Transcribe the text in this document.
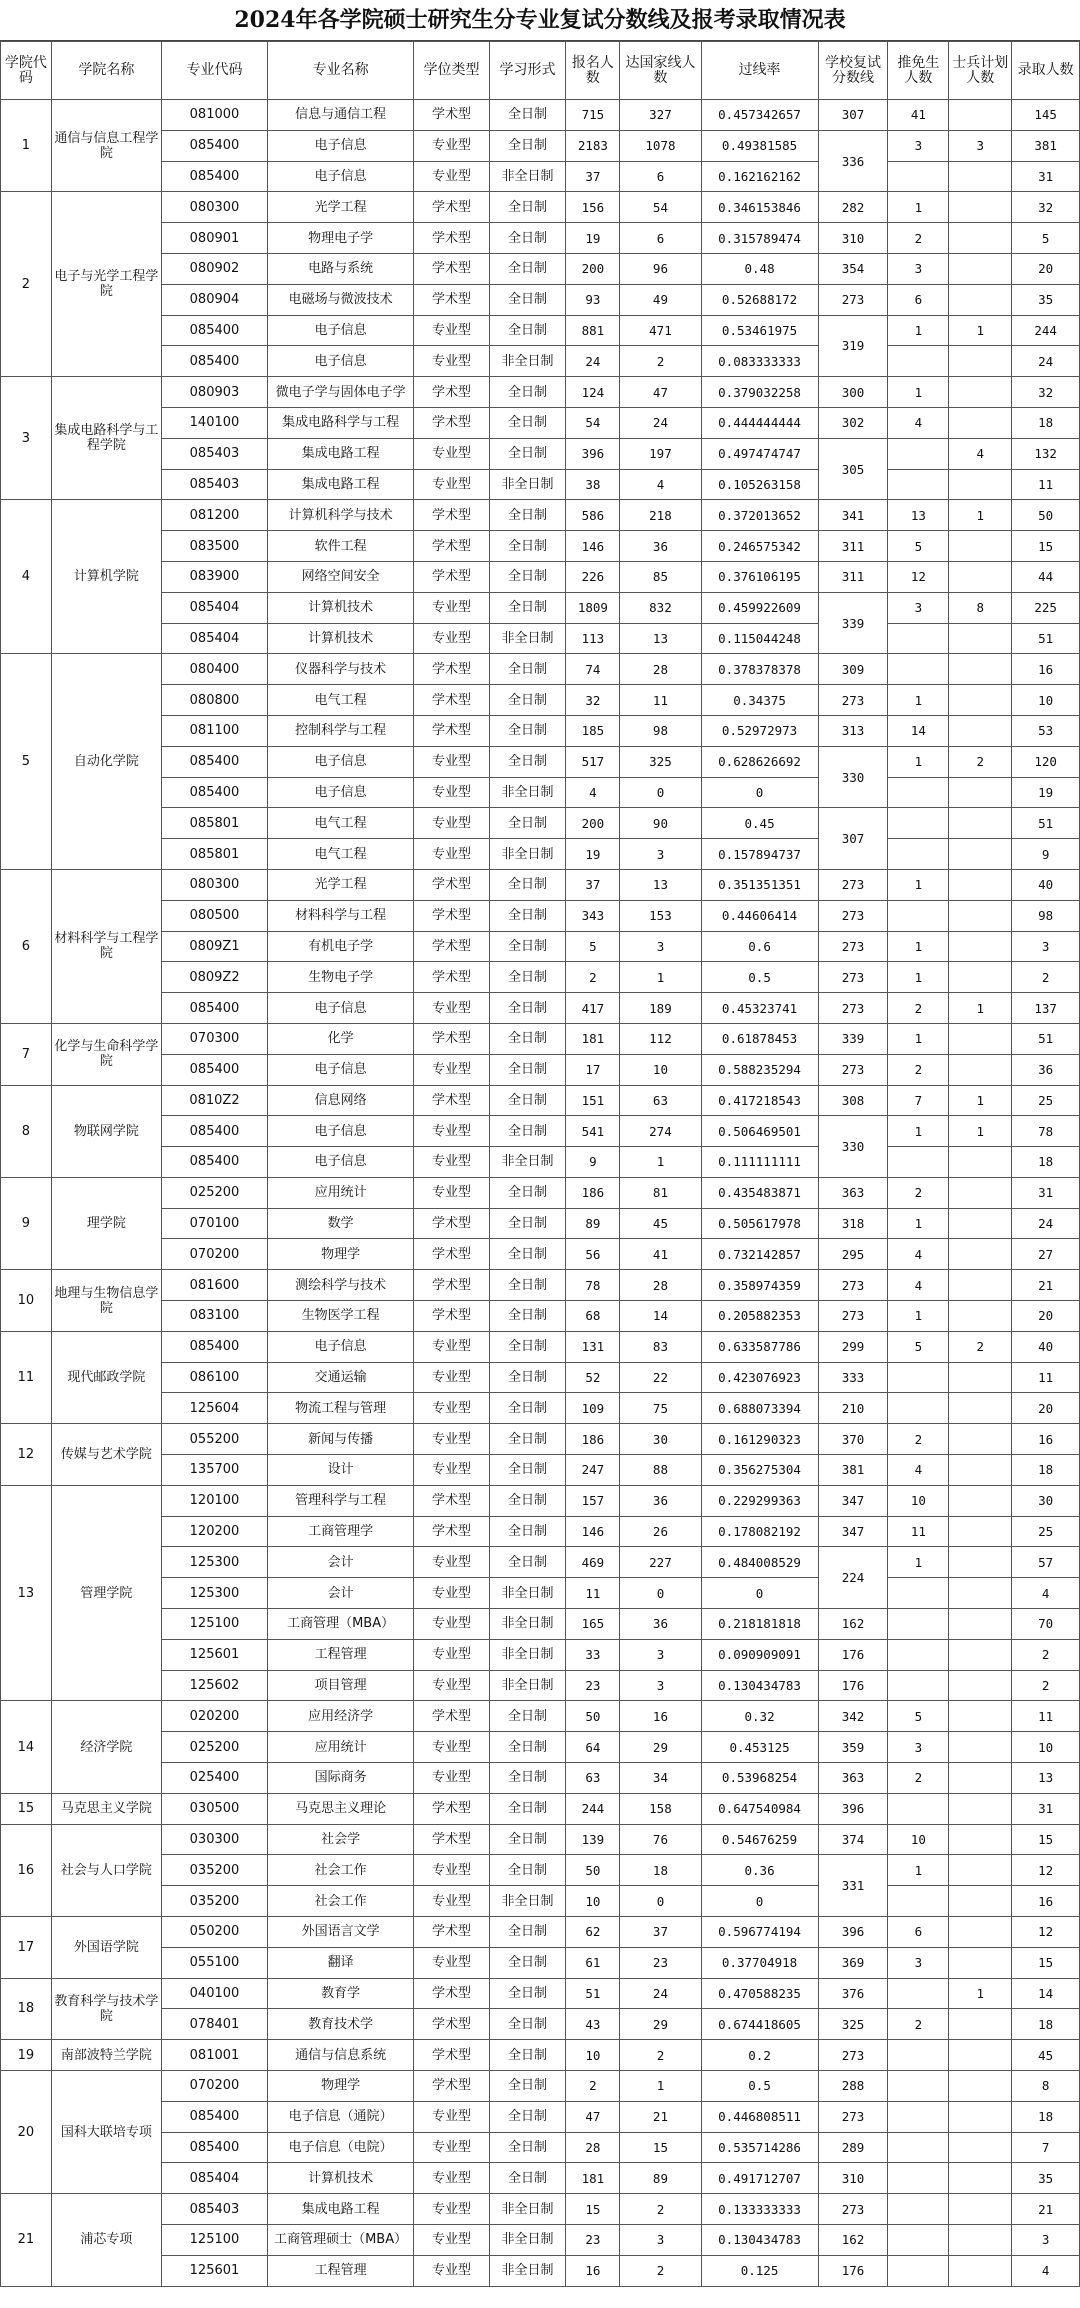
2024年各学院硕士研究生分专业复试分数线及报考录取情况表
学院代码	学院名称	专业代码	专业名称	学位类型	学习形式	报名人数	达国家线人数	过线率	学校复试分数线	推免生人数	士兵计划人数	录取人数
1	通信与信息工程学院	081000	信息与通信工程	学术型	全日制	715	327	0.457342657	307	41		145
		085400	电子信息	专业型	全日制	2183	1078	0.49381585	336	3	3	381
		085400	电子信息	专业型	非全日制	37	6	0.162162162				31
2	电子与光学工程学院	080300	光学工程	学术型	全日制	156	54	0.346153846	282	1		32
		080901	物理电子学	学术型	全日制	19	6	0.315789474	310	2		5
		080902	电路与系统	学术型	全日制	200	96	0.48	354	3		20
		080904	电磁场与微波技术	学术型	全日制	93	49	0.52688172	273	6		35
		085400	电子信息	专业型	全日制	881	471	0.53461975	319	1	1	244
		085400	电子信息	专业型	非全日制	24	2	0.083333333				24
3	集成电路科学与工程学院	080903	微电子学与固体电子学	学术型	全日制	124	47	0.379032258	300	1		32
		140100	集成电路科学与工程	学术型	全日制	54	24	0.444444444	302	4		18
		085403	集成电路工程	专业型	全日制	396	197	0.497474747	305		4	132
		085403	集成电路工程	专业型	非全日制	38	4	0.105263158				11
4	计算机学院	081200	计算机科学与技术	学术型	全日制	586	218	0.372013652	341	13	1	50
		083500	软件工程	学术型	全日制	146	36	0.246575342	311	5		15
		083900	网络空间安全	学术型	全日制	226	85	0.376106195	311	12		44
		085404	计算机技术	专业型	全日制	1809	832	0.459922609	339	3	8	225
		085404	计算机技术	专业型	非全日制	113	13	0.115044248				51
5	自动化学院	080400	仪器科学与技术	学术型	全日制	74	28	0.378378378	309			16
		080800	电气工程	学术型	全日制	32	11	0.34375	273	1		10
		081100	控制科学与工程	学术型	全日制	185	98	0.52972973	313	14		53
		085400	电子信息	专业型	全日制	517	325	0.628626692	330	1	2	120
		085400	电子信息	专业型	非全日制	4	0	0				19
		085801	电气工程	专业型	全日制	200	90	0.45	307			51
		085801	电气工程	专业型	非全日制	19	3	0.157894737				9
6	材料科学与工程学院	080300	光学工程	学术型	全日制	37	13	0.351351351	273	1		40
		080500	材料科学与工程	学术型	全日制	343	153	0.44606414	273			98
		0809Z1	有机电子学	学术型	全日制	5	3	0.6	273	1		3
		0809Z2	生物电子学	学术型	全日制	2	1	0.5	273	1		2
		085400	电子信息	专业型	全日制	417	189	0.45323741	273	2	1	137
7	化学与生命科学学院	070300	化学	学术型	全日制	181	112	0.61878453	339	1		51
		085400	电子信息	专业型	全日制	17	10	0.588235294	273	2		36
8	物联网学院	0810Z2	信息网络	学术型	全日制	151	63	0.417218543	308	7	1	25
		085400	电子信息	专业型	全日制	541	274	0.506469501	330	1	1	78
		085400	电子信息	专业型	非全日制	9	1	0.111111111				18
9	理学院	025200	应用统计	专业型	全日制	186	81	0.435483871	363	2		31
		070100	数学	学术型	全日制	89	45	0.505617978	318	1		24
		070200	物理学	学术型	全日制	56	41	0.732142857	295	4		27
10	地理与生物信息学院	081600	测绘科学与技术	学术型	全日制	78	28	0.358974359	273	4		21
		083100	生物医学工程	学术型	全日制	68	14	0.205882353	273	1		20
11	现代邮政学院	085400	电子信息	专业型	全日制	131	83	0.633587786	299	5	2	40
		086100	交通运输	专业型	全日制	52	22	0.423076923	333			11
		125604	物流工程与管理	专业型	全日制	109	75	0.688073394	210			20
12	传媒与艺术学院	055200	新闻与传播	专业型	全日制	186	30	0.161290323	370	2		16
		135700	设计	专业型	全日制	247	88	0.356275304	381	4		18
13	管理学院	120100	管理科学与工程	学术型	全日制	157	36	0.229299363	347	10		30
		120200	工商管理学	学术型	全日制	146	26	0.178082192	347	11		25
		125300	会计	专业型	全日制	469	227	0.484008529	224	1		57
		125300	会计	专业型	非全日制	11	0	0				4
		125100	工商管理（MBA）	专业型	非全日制	165	36	0.218181818	162			70
		125601	工程管理	专业型	非全日制	33	3	0.090909091	176			2
		125602	项目管理	专业型	非全日制	23	3	0.130434783	176			2
14	经济学院	020200	应用经济学	学术型	全日制	50	16	0.32	342	5		11
		025200	应用统计	专业型	全日制	64	29	0.453125	359	3		10
		025400	国际商务	专业型	全日制	63	34	0.53968254	363	2		13
15	马克思主义学院	030500	马克思主义理论	学术型	全日制	244	158	0.647540984	396			31
16	社会与人口学院	030300	社会学	学术型	全日制	139	76	0.54676259	374	10		15
		035200	社会工作	专业型	全日制	50	18	0.36	331	1		12
		035200	社会工作	专业型	非全日制	10	0	0				16
17	外国语学院	050200	外国语言文学	学术型	全日制	62	37	0.596774194	396	6		12
		055100	翻译	专业型	全日制	61	23	0.37704918	369	3		15
18	教育科学与技术学院	040100	教育学	学术型	全日制	51	24	0.470588235	376		1	14
		078401	教育技术学	学术型	全日制	43	29	0.674418605	325	2		18
19	南部波特兰学院	081001	通信与信息系统	学术型	全日制	10	2	0.2	273			45
20	国科大联培专项	070200	物理学	学术型	全日制	2	1	0.5	288			8
		085400	电子信息（通院）	专业型	全日制	47	21	0.446808511	273			18
		085400	电子信息（电院）	专业型	全日制	28	15	0.535714286	289			7
		085404	计算机技术	专业型	全日制	181	89	0.491712707	310			35
21	浦芯专项	085403	集成电路工程	专业型	非全日制	15	2	0.133333333	273			21
		125100	工商管理硕士（MBA）	专业型	非全日制	23	3	0.130434783	162			3
		125601	工程管理	专业型	非全日制	16	2	0.125	176			4
